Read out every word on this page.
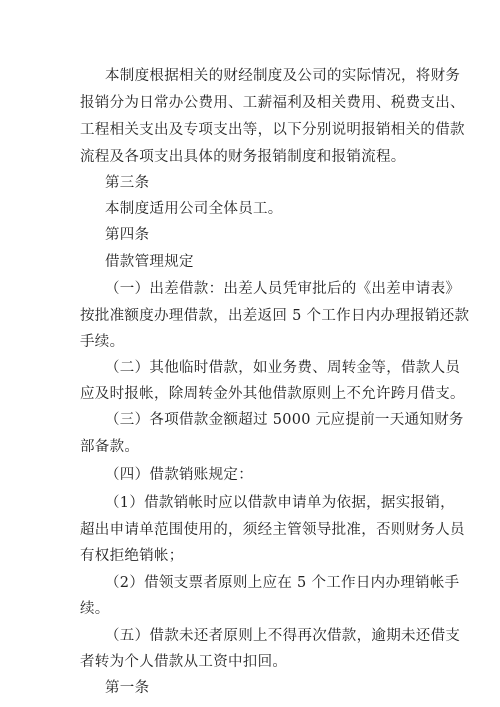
本制度根据相关的财经制度及公司的实际情况，将财务
报销分为日常办公费用、工薪福利及相关费用、税费支出、
工程相关支出及专项支出等，以下分别说明报销相关的借款
流程及各项支出具体的财务报销制度和报销流程。
第三条
本制度适用公司全体员工。
第四条
借款管理规定
（一）出差借款：出差人员凭审批后的《出差申请表》
按批准额度办理借款，出差返回 5 个工作日内办理报销还款
手续。
（二）其他临时借款，如业务费、周转金等，借款人员
应及时报帐，除周转金外其他借款原则上不允许跨月借支。
（三）各项借款金额超过 5000 元应提前一天通知财务
部备款。
（四）借款销账规定：
（1）借款销帐时应以借款申请单为依据，据实报销，
超出申请单范围使用的，须经主管领导批准，否则财务人员
有权拒绝销帐；
（2）借领支票者原则上应在 5 个工作日内办理销帐手
续。
（五）借款未还者原则上不得再次借款，逾期未还借支
者转为个人借款从工资中扣回。
第一条
